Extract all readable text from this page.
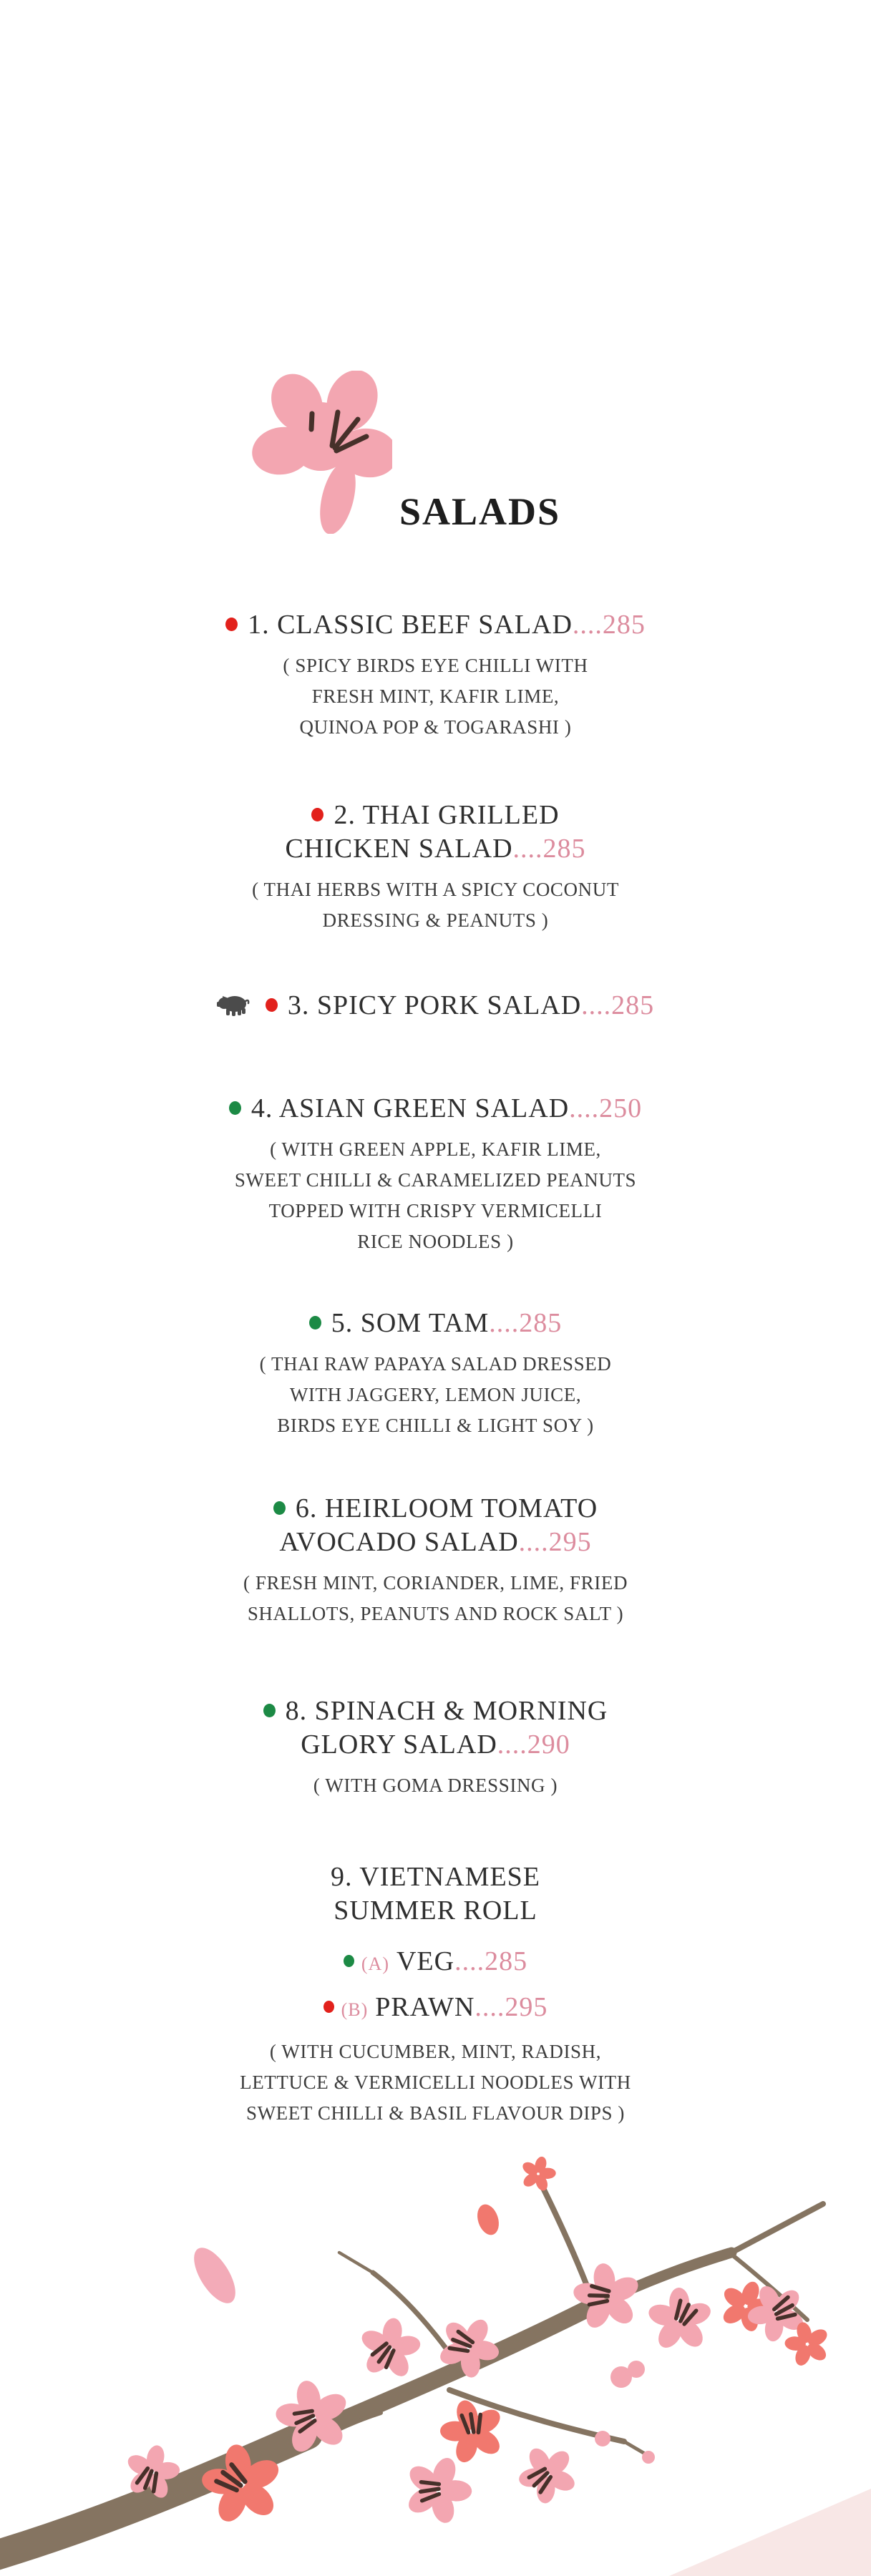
SALADS
1. CLASSIC BEEF SALAD....285
( SPICY BIRDS EYE CHILLI WITH
FRESH MINT, KAFIR LIME,
QUINOA POP & TOGARASHI )
2. THAI GRILLED
CHICKEN SALAD....285
( THAI HERBS WITH A SPICY COCONUT
DRESSING & PEANUTS )
3. SPICY PORK SALAD....285
4. ASIAN GREEN SALAD....250
( WITH GREEN APPLE, KAFIR LIME,
SWEET CHILLI & CARAMELIZED PEANUTS
TOPPED WITH CRISPY VERMICELLI
RICE NOODLES )
5. SOM TAM....285
( THAI RAW PAPAYA SALAD DRESSED
WITH JAGGERY, LEMON JUICE,
BIRDS EYE CHILLI & LIGHT SOY )
6. HEIRLOOM TOMATO
AVOCADO SALAD....295
( FRESH MINT, CORIANDER, LIME, FRIED
SHALLOTS, PEANUTS AND ROCK SALT )
8. SPINACH & MORNING
GLORY SALAD....290
( WITH GOMA DRESSING )
9. VIETNAMESE
SUMMER ROLL
(A) VEG....285
(B) PRAWN....295
( WITH CUCUMBER, MINT, RADISH,
LETTUCE & VERMICELLI NOODLES WITH
SWEET CHILLI & BASIL FLAVOUR DIPS )
